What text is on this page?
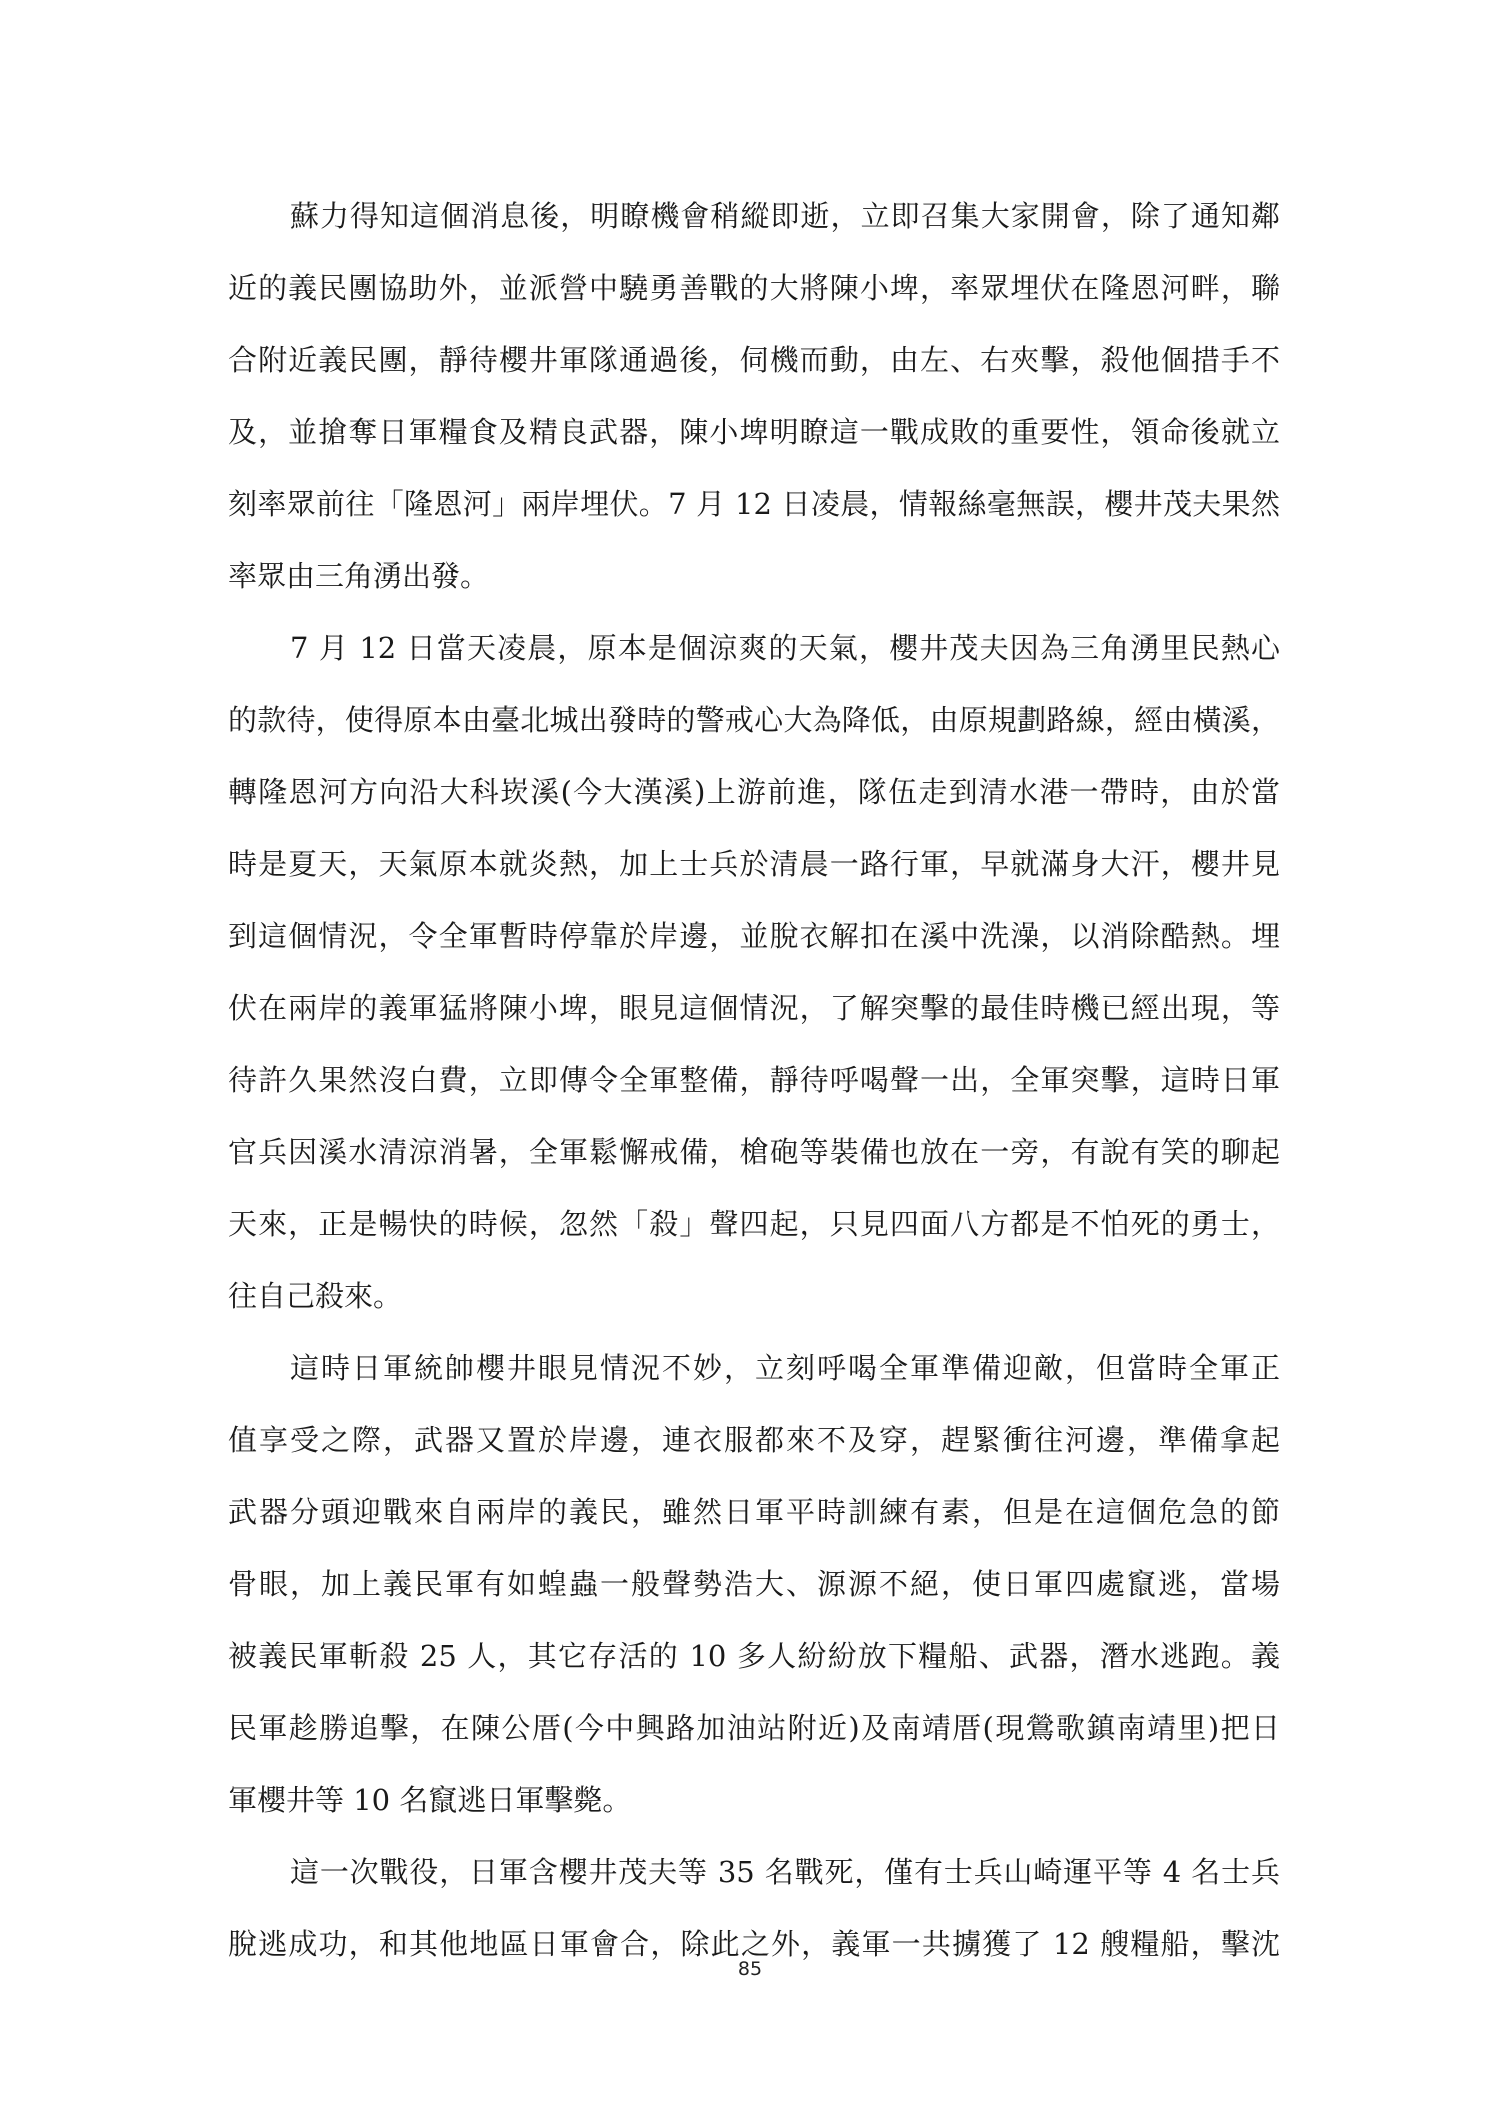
蘇力得知這個消息後，明瞭機會稍縱即逝，立即召集大家開會，除了通知鄰
近的義民團協助外，並派營中驍勇善戰的大將陳小埤，率眾埋伏在隆恩河畔，聯
合附近義民團，靜待櫻井軍隊通過後，伺機而動，由左、右夾擊，殺他個措手不
及，並搶奪日軍糧食及精良武器，陳小埤明瞭這一戰成敗的重要性，領命後就立
刻率眾前往「隆恩河」兩岸埋伏。7 月 12 日凌晨，情報絲毫無誤，櫻井茂夫果然
率眾由三角湧出發。
7 月 12 日當天凌晨，原本是個涼爽的天氣，櫻井茂夫因為三角湧里民熱心
的款待，使得原本由臺北城出發時的警戒心大為降低，由原規劃路線，經由橫溪，
轉隆恩河方向沿大科崁溪(今大漢溪)上游前進，隊伍走到清水港一帶時，由於當
時是夏天，天氣原本就炎熱，加上士兵於清晨一路行軍，早就滿身大汗，櫻井見
到這個情況，令全軍暫時停靠於岸邊，並脫衣解扣在溪中洗澡，以消除酷熱。埋
伏在兩岸的義軍猛將陳小埤，眼見這個情況，了解突擊的最佳時機已經出現，等
待許久果然沒白費，立即傳令全軍整備，靜待呼喝聲一出，全軍突擊，這時日軍
官兵因溪水清涼消暑，全軍鬆懈戒備，槍砲等裝備也放在一旁，有說有笑的聊起
天來，正是暢快的時候，忽然「殺」聲四起，只見四面八方都是不怕死的勇士，
往自己殺來。
這時日軍統帥櫻井眼見情況不妙，立刻呼喝全軍準備迎敵，但當時全軍正
值享受之際，武器又置於岸邊，連衣服都來不及穿，趕緊衝往河邊，準備拿起
武器分頭迎戰來自兩岸的義民，雖然日軍平時訓練有素，但是在這個危急的節
骨眼，加上義民軍有如蝗蟲一般聲勢浩大、源源不絕，使日軍四處竄逃，當場
被義民軍斬殺 25 人，其它存活的 10 多人紛紛放下糧船、武器，潛水逃跑。義
民軍趁勝追擊，在陳公厝(今中興路加油站附近)及南靖厝(現鶯歌鎮南靖里)把日
軍櫻井等 10 名竄逃日軍擊斃。
這一次戰役，日軍含櫻井茂夫等 35 名戰死，僅有士兵山崎運平等 4 名士兵
脫逃成功，和其他地區日軍會合，除此之外，義軍一共擄獲了 12 艘糧船，擊沈
85
